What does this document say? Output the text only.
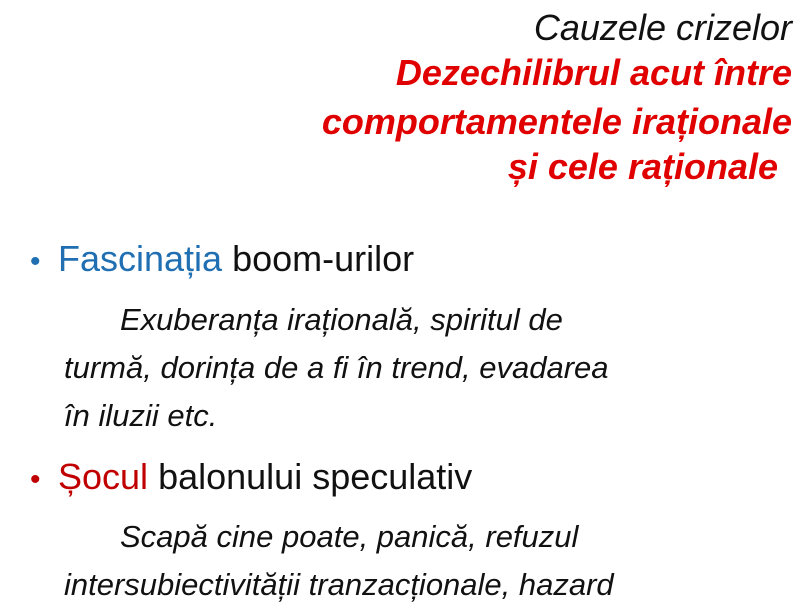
Cauzele crizelor
Dezechilibrul acut între
comportamentele iraționale
și cele raționale
• Fascinația boom-urilor
Exuberanța irațională, spiritul de
turmă, dorința de a fi în trend, evadarea
în iluzii etc.
• Șocul balonului speculativ
Scapă cine poate, panică, refuzul
intersubiectivității tranzacționale, hazard
